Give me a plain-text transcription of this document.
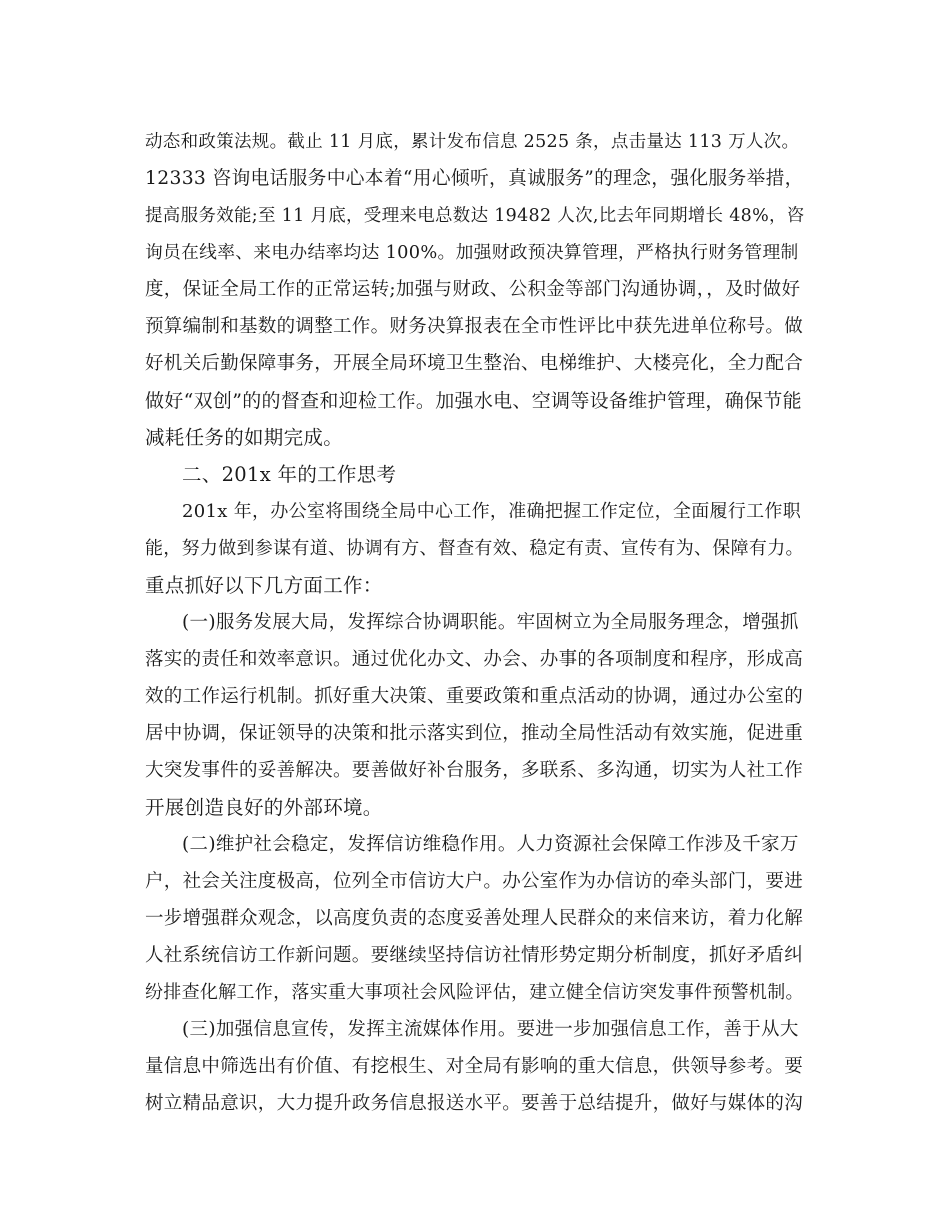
动态和政策法规。截止 11 月底，累计发布信息 2525 条，点击量达 113 万人次。
12333 咨询电话服务中心本着“用心倾听，真诚服务”的理念，强化服务举措，
提高服务效能;至 11 月底，受理来电总数达 19482 人次,比去年同期增长 48%，咨
询员在线率、来电办结率均达 100%。加强财政预决算管理，严格执行财务管理制
度，保证全局工作的正常运转;加强与财政、公积金等部门沟通协调，，及时做好
预算编制和基数的调整工作。财务决算报表在全市性评比中获先进单位称号。做
好机关后勤保障事务，开展全局环境卫生整治、电梯维护、大楼亮化，全力配合
做好“双创”的的督查和迎检工作。加强水电、空调等设备维护管理，确保节能
减耗任务的如期完成。
二、201x 年的工作思考
201x 年，办公室将围绕全局中心工作，准确把握工作定位，全面履行工作职
能，努力做到参谋有道、协调有方、督查有效、稳定有责、宣传有为、保障有力。
重点抓好以下几方面工作：
(一)服务发展大局，发挥综合协调职能。牢固树立为全局服务理念，增强抓
落实的责任和效率意识。通过优化办文、办会、办事的各项制度和程序，形成高
效的工作运行机制。抓好重大决策、重要政策和重点活动的协调，通过办公室的
居中协调，保证领导的决策和批示落实到位，推动全局性活动有效实施，促进重
大突发事件的妥善解决。要善做好补台服务，多联系、多沟通，切实为人社工作
开展创造良好的外部环境。
(二)维护社会稳定，发挥信访维稳作用。人力资源社会保障工作涉及千家万
户，社会关注度极高，位列全市信访大户。办公室作为办信访的牵头部门，要进
一步增强群众观念，以高度负责的态度妥善处理人民群众的来信来访，着力化解
人社系统信访工作新问题。要继续坚持信访社情形势定期分析制度，抓好矛盾纠
纷排查化解工作，落实重大事项社会风险评估，建立健全信访突发事件预警机制。
(三)加强信息宣传，发挥主流媒体作用。要进一步加强信息工作，善于从大
量信息中筛选出有价值、有挖根生、对全局有影响的重大信息，供领导参考。要
树立精品意识，大力提升政务信息报送水平。要善于总结提升，做好与媒体的沟
